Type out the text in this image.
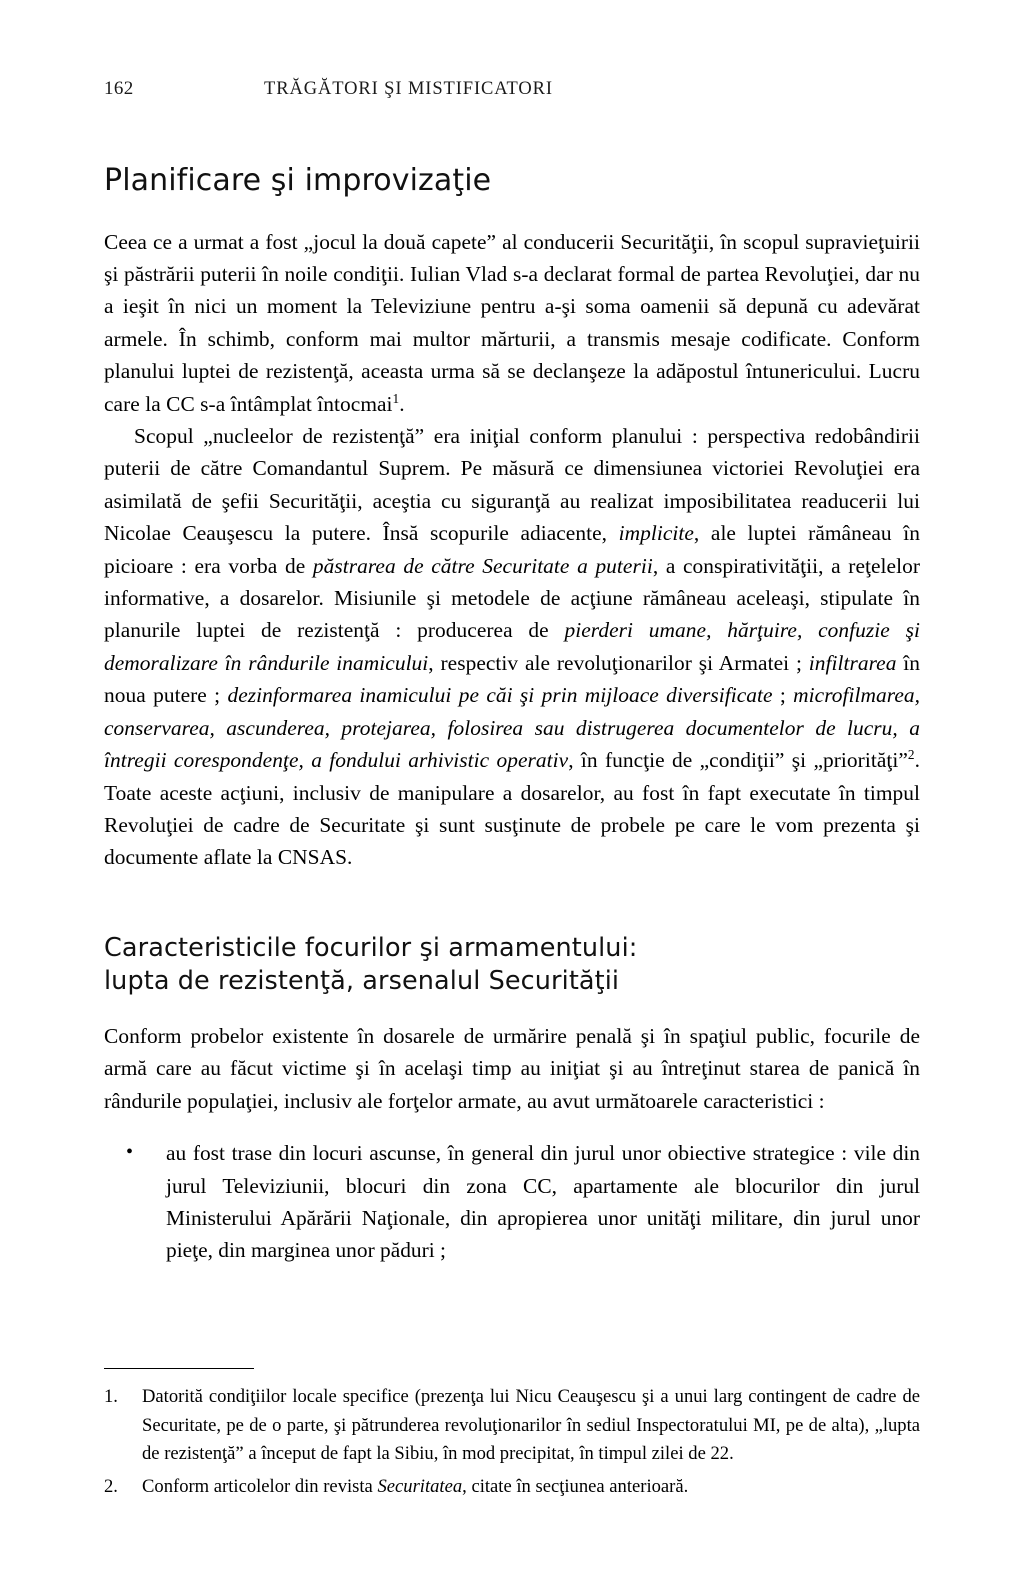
162	TRĂGĂTORI ŞI MISTIFICATORI
Planificare şi improvizaţie

Ceea ce a urmat a fost „jocul la două capete” al conducerii Securităţii, în scopul supravieţuirii şi păstrării puterii în noile condiţii. Iulian Vlad s-a declarat formal de partea Revoluţiei, dar nu a ieşit în nici un moment la Televiziune pentru a-şi soma oamenii să depună cu adevărat armele. În schimb, conform mai multor mărturii, a transmis mesaje codificate. Conform planului luptei de rezistenţă, aceasta urma să se declanşeze la adăpostul întunericului. Lucru care la CC s-a întâmplat întocmai$^1$.

Scopul „nucleelor de rezistenţă” era iniţial conform planului : perspectiva redobândirii puterii de către Comandantul Suprem. Pe măsură ce dimensiunea victoriei Revoluţiei era asimilată de şefii Securităţii, aceştia cu siguranţă au realizat imposibilitatea readucerii lui Nicolae Ceauşescu la putere. Însă scopurile adiacente, implicite, ale luptei rămâneau în picioare : era vorba de păstrarea de către Securitate a puterii, a conspirativităţii, a reţelelor informative, a dosarelor. Misiunile şi metodele de acţiune rămâneau aceleaşi, stipulate în planurile luptei de rezistenţă : producerea de pierderi umane, hărţuire, confuzie şi demoralizare în rândurile inamicului, respectiv ale revoluţionarilor şi Armatei ; infiltrarea în noua putere ; dezinformarea inamicului pe căi şi prin mijloace diversificate ; microfilmarea, conservarea, ascunderea, protejarea, folosirea sau distrugerea documentelor de lucru, a întregii corespondenţe, a fondului arhivistic operativ, în funcţie de „condiţii” şi „priorităţi”$^2$. Toate aceste acţiuni, inclusiv de manipulare a dosarelor, au fost în fapt executate în timpul Revoluţiei de cadre de Securitate şi sunt susţinute de probele pe care le vom prezenta şi documente aflate la CNSAS.

Caracteristicile focurilor şi armamentului:
lupta de rezistenţă, arsenalul Securităţii

Conform probelor existente în dosarele de urmărire penală şi în spaţiul public, focurile de armă care au făcut victime şi în acelaşi timp au iniţiat şi au întreţinut starea de panică în rândurile populaţiei, inclusiv ale forţelor armate, au avut următoarele caracteristici :

• au fost trase din locuri ascunse, în general din jurul unor obiective strategice : vile din jurul Televiziunii, blocuri din zona CC, apartamente ale blocurilor din jurul Ministerului Apărării Naţionale, din apropierea unor unităţi militare, din jurul unor pieţe, din marginea unor păduri ;
1.	Datorită condiţiilor locale specifice (prezenţa lui Nicu Ceauşescu şi a unui larg contingent de cadre de Securitate, pe de o parte, şi pătrunderea revoluţionarilor în sediul Inspectoratului MI, pe de alta), „lupta de rezistenţă” a început de fapt la Sibiu, în mod precipitat, în timpul zilei de 22.
2.	Conform articolelor din revista Securitatea, citate în secţiunea anterioară.
